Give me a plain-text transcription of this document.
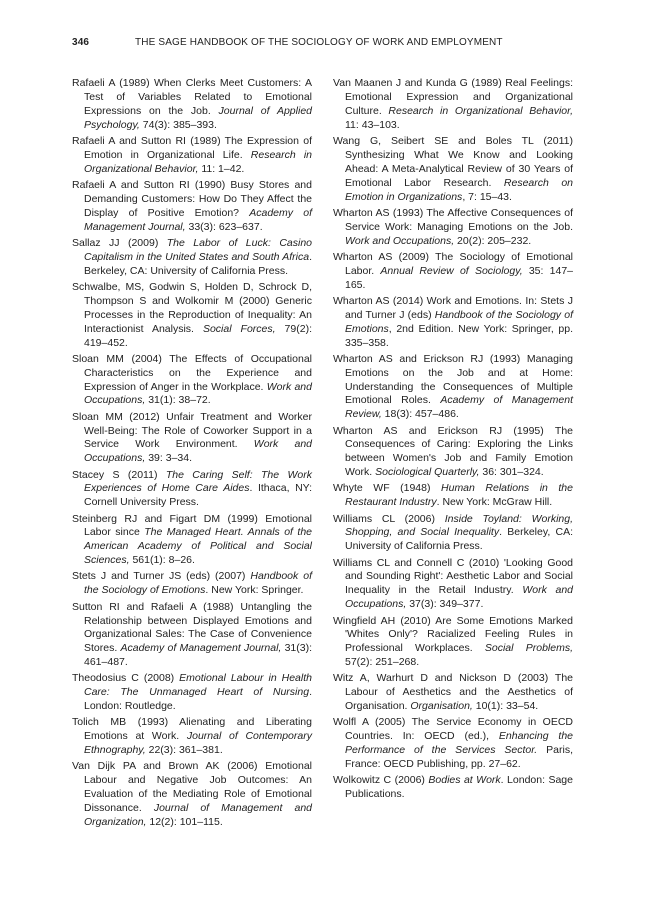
346	THE SAGE HANDBOOK OF THE SOCIOLOGY OF WORK AND EMPLOYMENT

Rafaeli A (1989) When Clerks Meet Customers: A Test of Variables Related to Emotional Expressions on the Job. Journal of Applied Psychology, 74(3): 385–393.

Rafaeli A and Sutton RI (1989) The Expression of Emotion in Organizational Life. Research in Organizational Behavior, 11: 1–42.

Rafaeli A and Sutton RI (1990) Busy Stores and Demanding Customers: How Do They Affect the Display of Positive Emotion? Academy of Management Journal, 33(3): 623–637.

Sallaz JJ (2009) The Labor of Luck: Casino Capitalism in the United States and South Africa. Berkeley, CA: University of California Press.

Schwalbe, MS, Godwin S, Holden D, Schrock D, Thompson S and Wolkomir M (2000) Generic Processes in the Reproduction of Inequality: An Interactionist Analysis. Social Forces, 79(2): 419–452.

Sloan MM (2004) The Effects of Occupational Characteristics on the Experience and Expression of Anger in the Workplace. Work and Occupations, 31(1): 38–72.

Sloan MM (2012) Unfair Treatment and Worker Well-Being: The Role of Coworker Support in a Service Work Environment. Work and Occupations, 39: 3–34.

Stacey S (2011) The Caring Self: The Work Experiences of Home Care Aides. Ithaca, NY: Cornell University Press.

Steinberg RJ and Figart DM (1999) Emotional Labor since The Managed Heart. Annals of the American Academy of Political and Social Sciences, 561(1): 8–26.

Stets J and Turner JS (eds) (2007) Handbook of the Sociology of Emotions. New York: Springer.

Sutton RI and Rafaeli A (1988) Untangling the Relationship between Displayed Emotions and Organizational Sales: The Case of Convenience Stores. Academy of Management Journal, 31(3): 461–487.

Theodosius C (2008) Emotional Labour in Health Care: The Unmanaged Heart of Nursing. London: Routledge.

Tolich MB (1993) Alienating and Liberating Emotions at Work. Journal of Contemporary Ethnography, 22(3): 361–381.

Van Dijk PA and Brown AK (2006) Emotional Labour and Negative Job Outcomes: An Evaluation of the Mediating Role of Emotional Dissonance. Journal of Management and Organization, 12(2): 101–115.

Van Maanen J and Kunda G (1989) Real Feelings: Emotional Expression and Organizational Culture. Research in Organizational Behavior, 11: 43–103.

Wang G, Seibert SE and Boles TL (2011) Synthesizing What We Know and Looking Ahead: A Meta-Analytical Review of 30 Years of Emotional Labor Research. Research on Emotion in Organizations, 7: 15–43.

Wharton AS (1993) The Affective Consequences of Service Work: Managing Emotions on the Job. Work and Occupations, 20(2): 205–232.

Wharton AS (2009) The Sociology of Emotional Labor. Annual Review of Sociology, 35: 147–165.

Wharton AS (2014) Work and Emotions. In: Stets J and Turner J (eds) Handbook of the Sociology of Emotions, 2nd Edition. New York: Springer, pp. 335–358.

Wharton AS and Erickson RJ (1993) Managing Emotions on the Job and at Home: Understanding the Consequences of Multiple Emotional Roles. Academy of Management Review, 18(3): 457–486.

Wharton AS and Erickson RJ (1995) The Consequences of Caring: Exploring the Links between Women's Job and Family Emotion Work. Sociological Quarterly, 36: 301–324.

Whyte WF (1948) Human Relations in the Restaurant Industry. New York: McGraw Hill.

Williams CL (2006) Inside Toyland: Working, Shopping, and Social Inequality. Berkeley, CA: University of California Press.

Williams CL and Connell C (2010) 'Looking Good and Sounding Right': Aesthetic Labor and Social Inequality in the Retail Industry. Work and Occupations, 37(3): 349–377.

Wingfield AH (2010) Are Some Emotions Marked 'Whites Only'? Racialized Feeling Rules in Professional Workplaces. Social Problems, 57(2): 251–268.

Witz A, Warhurt D and Nickson D (2003) The Labour of Aesthetics and the Aesthetics of Organisation. Organisation, 10(1): 33–54.

Wolfl A (2005) The Service Economy in OECD Countries. In: OECD (ed.), Enhancing the Performance of the Services Sector. Paris, France: OECD Publishing, pp. 27–62.

Wolkowitz C (2006) Bodies at Work. London: Sage Publications.
